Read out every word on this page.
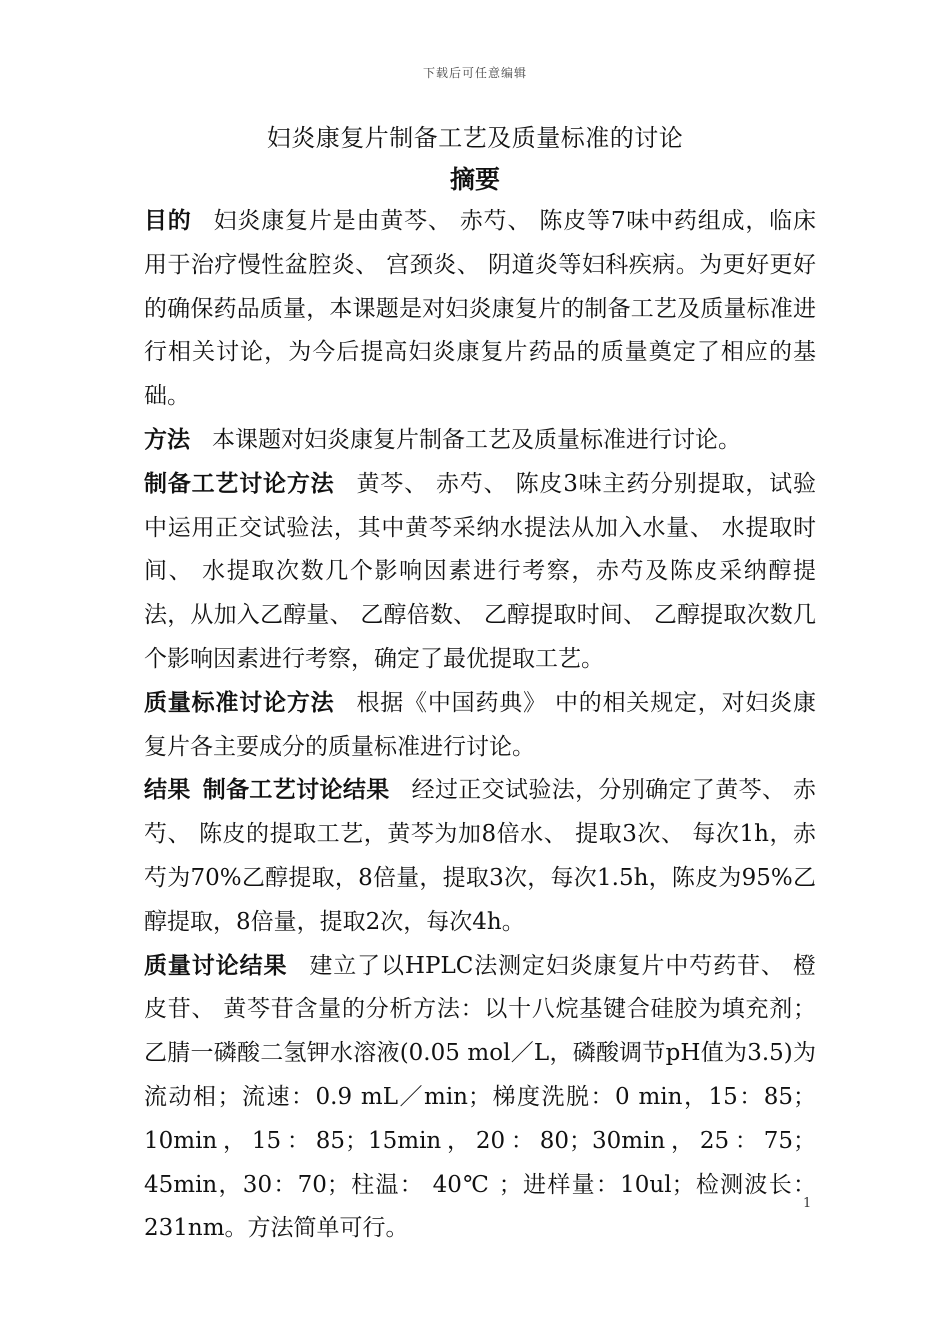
下载后可任意编辑
妇炎康复片制备工艺及质量标准的讨论
摘要

目的 妇炎康复片是由黄芩、 赤芍、 陈皮等7味中药组成，临床用于治疗慢性盆腔炎、 宫颈炎、 阴道炎等妇科疾病。为更好更好的确保药品质量，本课题是对妇炎康复片的制备工艺及质量标准进行相关讨论，为今后提高妇炎康复片药品的质量奠定了相应的基础。

方法 本课题对妇炎康复片制备工艺及质量标准进行讨论。

制备工艺讨论方法 黄芩、 赤芍、 陈皮3味主药分别提取，试验中运用正交试验法，其中黄芩采纳水提法从加入水量、 水提取时间、 水提取次数几个影响因素进行考察，赤芍及陈皮采纳醇提法，从加入乙醇量、 乙醇倍数、 乙醇提取时间、 乙醇提取次数几个影响因素进行考察，确定了最优提取工艺。

质量标准讨论方法 根据《中国药典》 中的相关规定，对妇炎康复片各主要成分的质量标准进行讨论。

结果 制备工艺讨论结果 经过正交试验法，分别确定了黄芩、 赤芍、 陈皮的提取工艺，黄芩为加8倍水、 提取3次、 每次1h，赤芍为70%乙醇提取，8倍量，提取3次，每次1.5h，陈皮为95%乙醇提取，8倍量，提取2次，每次4h。

质量讨论结果 建立了以HPLC法测定妇炎康复片中芍药苷、 橙皮苷、 黄芩苷含量的分析方法：以十八烷基键合硅胶为填充剂；乙腈一磷酸二氢钾水溶液(0.05 mol／L，磷酸调节pH值为3.5)为流动相；流速：0.9 mL／min；梯度洗脱：0 min，15：85；10min，15：85；15min，20：80；30min，25：75；45min，30：70；柱温： 40℃ ；进样量：10ul；检测波长：231nm。方法简单可行。

1
